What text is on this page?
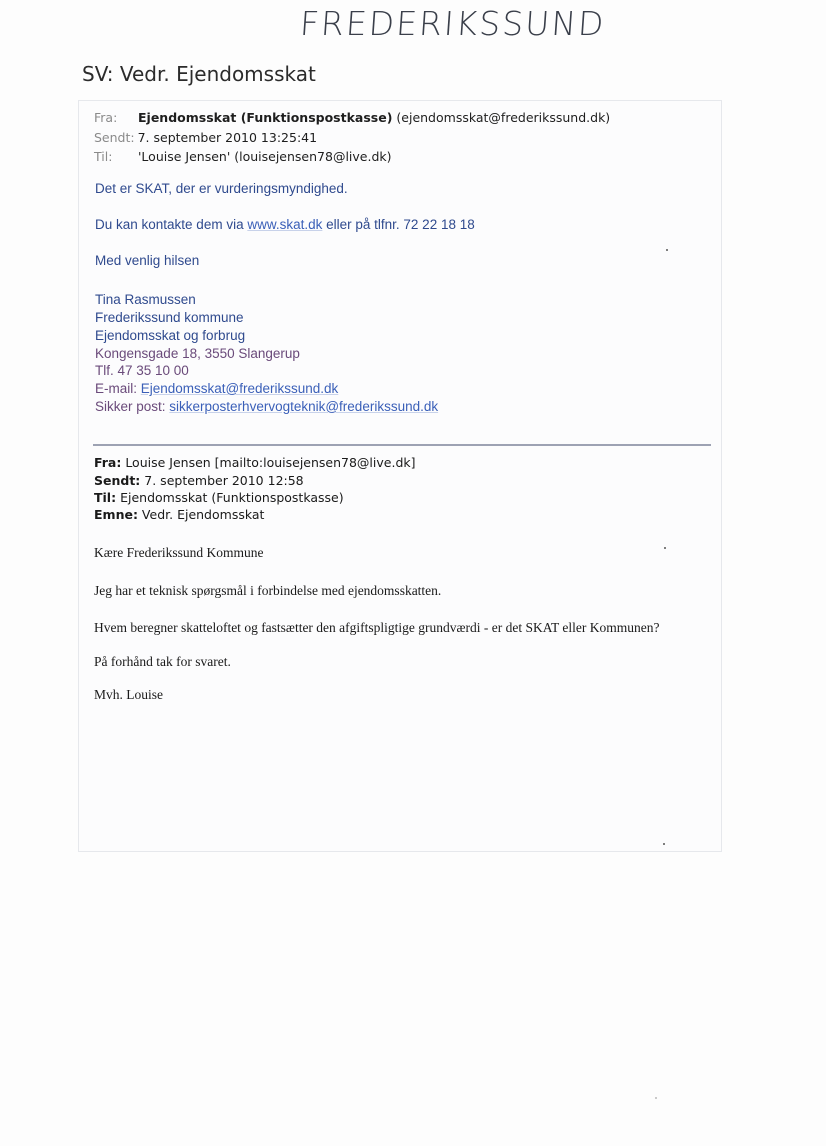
FREDERIKSSUND
SV: Vedr. Ejendomsskat
Fra: Ejendomsskat (Funktionspostkasse) (ejendomsskat@frederikssund.dk)
Sendt: 7. september 2010 13:25:41
Til: 'Louise Jensen' (louisejensen78@live.dk)
Det er SKAT, der er vurderingsmyndighed.
Du kan kontakte dem via www.skat.dk eller på tlfnr. 72 22 18 18
Med venlig hilsen
Tina Rasmussen
Frederikssund kommune
Ejendomsskat og forbrug
Kongensgade 18, 3550 Slangerup
Tlf. 47 35 10 00
E-mail: Ejendomsskat@frederikssund.dk
Sikker post: sikkerposterhvervogteknik@frederikssund.dk
Fra: Louise Jensen [mailto:louisejensen78@live.dk]
Sendt: 7. september 2010 12:58
Til: Ejendomsskat (Funktionspostkasse)
Emne: Vedr. Ejendomsskat
Kære Frederikssund Kommune
Jeg har et teknisk spørgsmål i forbindelse med ejendomsskatten.
Hvem beregner skatteloftet og fastsætter den afgiftspligtige grundværdi - er det SKAT eller Kommunen?
På forhånd tak for svaret.
Mvh. Louise
